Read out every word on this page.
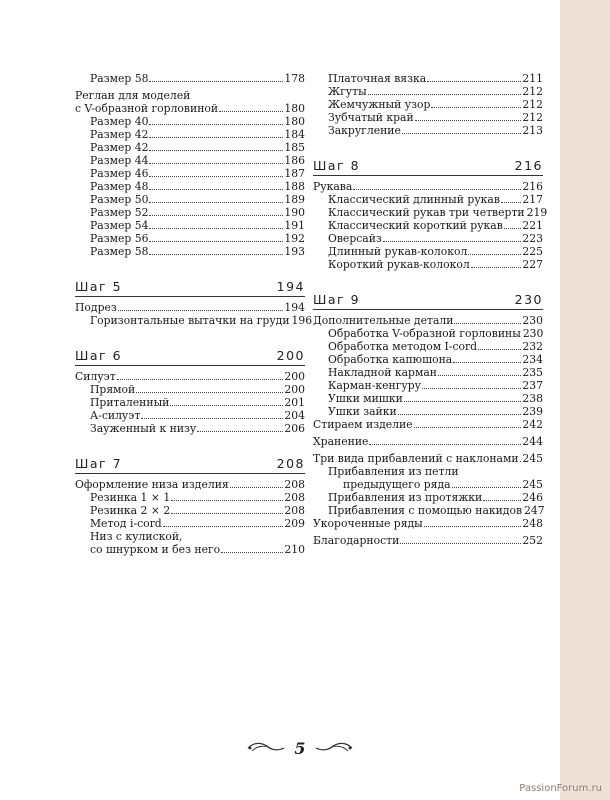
Размер 58	178
Реглан для моделей
с V-образной горловиной	180
Размер 40	180
Размер 42	184
Размер 42	185
Размер 44	186
Размер 46	187
Размер 48	188
Размер 50	189
Размер 52	190
Размер 54	191
Размер 56	192
Размер 58	193
Шаг 5	194
Подрез	194
Горизонтальные вытачки на груди 196
Шаг 6	200
Силуэт	200
Прямой	200
Приталенный	201
А-силуэт	204
Зауженный к низу	206
Шаг 7	208
Оформление низа изделия	208
Резинка 1 × 1	208
Резинка 2 × 2	208
Метод i-cord	209
Низ с кулиской,
со шнурком и без него	210
Платочная вязка	211
Жгуты	212
Жемчужный узор	212
Зубчатый край	212
Закругление	213
Шаг 8	216
Рукава	216
Классический длинный рукав 217
Классический рукав три четверти 219
Классический короткий рукав 221
Оверсайз	223
Длинный рукав-колокол	225
Короткий рукав-колокол	227
Шаг 9	230
Дополнительные детали	230
Обработка V-образной горловины 230
Обработка методом I-cord	232
Обработка капюшона	234
Накладной карман	235
Карман-кенгуру	237
Ушки мишки	238
Ушки зайки	239
Стираем изделие	242
Хранение	244
Три вида прибавлений с наклонами 245
Прибавления из петли
предыдущего ряда	245
Прибавления из протяжки	246
Прибавления с помощью накидов 247
Укороченные ряды	248
Благодарности	252
5
PassionForum.ru
